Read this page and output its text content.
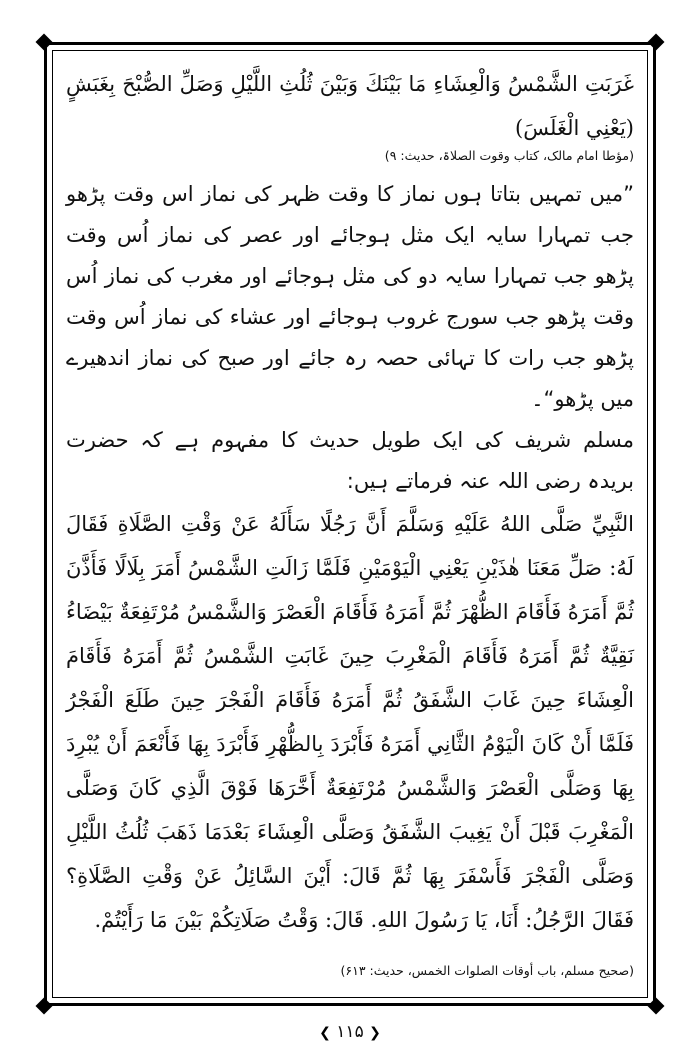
غَرَبَتِ الشَّمْسُ وَالْعِشَاءِ مَا بَيْنَكَ وَبَيْنَ ثُلُثِ اللَّيْلِ وَصَلِّ الصُّبْحَ بِغَبَشٍ (يَعْنِي الْغَلَسَ)

(مؤطا امام مالک، کتاب وقوت الصلاۃ، حدیث: ۹)

”میں تمہیں بتاتا ہوں نماز کا وقت ظہر کی نماز اس وقت پڑھو جب تمہارا سایہ ایک مثل ہوجائے اور عصر کی نماز اُس وقت پڑھو جب تمہارا سایہ دو کی مثل ہوجائے اور مغرب کی نماز اُس وقت پڑھو جب سورج غروب ہوجائے اور عشاء کی نماز اُس وقت پڑھو جب رات کا تہائی حصہ رہ جائے اور صبح کی نماز اندھیرے میں پڑھو“۔

مسلم شریف کی ایک طویل حدیث کا مفہوم ہے کہ حضرت بریدہ رضی اللہ عنہ فرماتے ہیں:

النَّبِيِّ صَلَّى اللهُ عَلَيْهِ وَسَلَّمَ أَنَّ رَجُلًا سَأَلَهُ عَنْ وَقْتِ الصَّلَاةِ فَقَالَ لَهُ: صَلِّ مَعَنَا هٰذَيْنِ يَعْنِي الْيَوْمَيْنِ فَلَمَّا زَالَتِ الشَّمْسُ أَمَرَ بِلَالًا فَأَذَّنَ ثُمَّ أَمَرَهُ فَأَقَامَ الظُّهْرَ ثُمَّ أَمَرَهُ فَأَقَامَ الْعَصْرَ وَالشَّمْسُ مُرْتَفِعَةٌ بَيْضَاءُ نَقِيَّةٌ ثُمَّ أَمَرَهُ فَأَقَامَ الْمَغْرِبَ حِينَ غَابَتِ الشَّمْسُ ثُمَّ أَمَرَهُ فَأَقَامَ الْعِشَاءَ حِينَ غَابَ الشَّفَقُ ثُمَّ أَمَرَهُ فَأَقَامَ الْفَجْرَ حِينَ طَلَعَ الْفَجْرُ فَلَمَّا أَنْ كَانَ الْيَوْمُ الثَّانِي أَمَرَهُ فَأَبْرَدَ بِالظُّهْرِ فَأَبْرَدَ بِهَا فَأَنْعَمَ أَنْ يُبْرِدَ بِهَا وَصَلَّى الْعَصْرَ وَالشَّمْسُ مُرْتَفِعَةٌ أَخَّرَهَا فَوْقَ الَّذِي كَانَ وَصَلَّى الْمَغْرِبَ قَبْلَ أَنْ يَغِيبَ الشَّفَقُ وَصَلَّى الْعِشَاءَ بَعْدَمَا ذَهَبَ ثُلُثُ اللَّيْلِ وَصَلَّى الْفَجْرَ فَأَسْفَرَ بِهَا ثُمَّ قَالَ: أَيْنَ السَّائِلُ عَنْ وَقْتِ الصَّلَاةِ؟ فَقَالَ الرَّجُلُ: أَنَا، يَا رَسُولَ اللهِ. قَالَ: وَقْتُ صَلَاتِكُمْ بَيْنَ مَا رَأَيْتُمْ.

(صحیح مسلم، باب أوقات الصلوات الخمس، حدیث: ۶۱۳)

❮ ١١۵ ❯
